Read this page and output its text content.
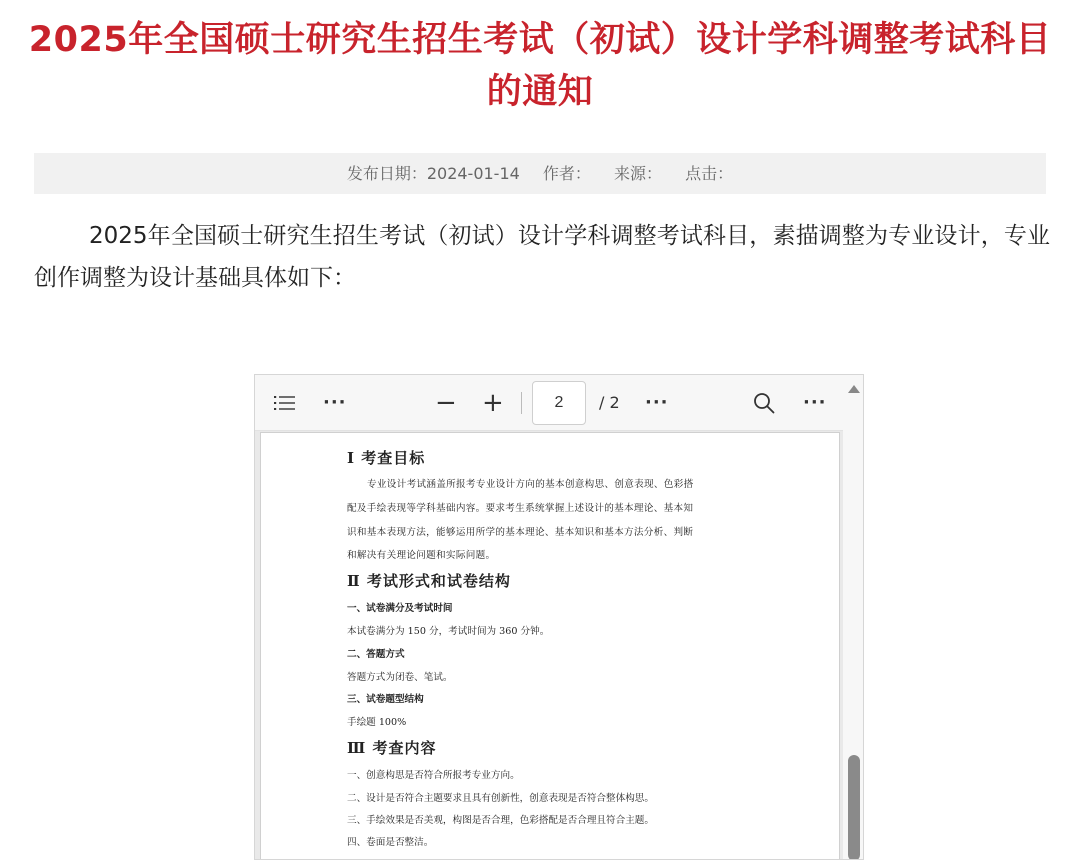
2025年全国硕士研究生招生考试（初试）设计学科调整考试科目的通知
发布日期：2024-01-14 作者： 来源： 点击：

2025年全国硕士研究生招生考试（初试）设计学科调整考试科目，素描调整为专业设计，专业创作调整为设计基础具体如下：

···	− +
2	/ 2 ···	···
Ⅰ 考查目标
专业设计考试涵盖所报考专业设计方向的基本创意构思、创意表现、色彩搭
配及手绘表现等学科基础内容。要求考生系统掌握上述设计的基本理论、基本知
识和基本表现方法，能够运用所学的基本理论、基本知识和基本方法分析、判断
和解决有关理论问题和实际问题。
Ⅱ 考试形式和试卷结构
一、试卷满分及考试时间
本试卷满分为 150 分，考试时间为 360 分钟。
二、答题方式
答题方式为闭卷、笔试。
三、试卷题型结构
手绘题 100%
Ⅲ 考查内容
一、创意构思是否符合所报考专业方向。
二、设计是否符合主题要求且具有创新性，创意表现是否符合整体构思。
三、手绘效果是否美观，构图是否合理，色彩搭配是否合理且符合主题。
四、卷面是否整洁。
